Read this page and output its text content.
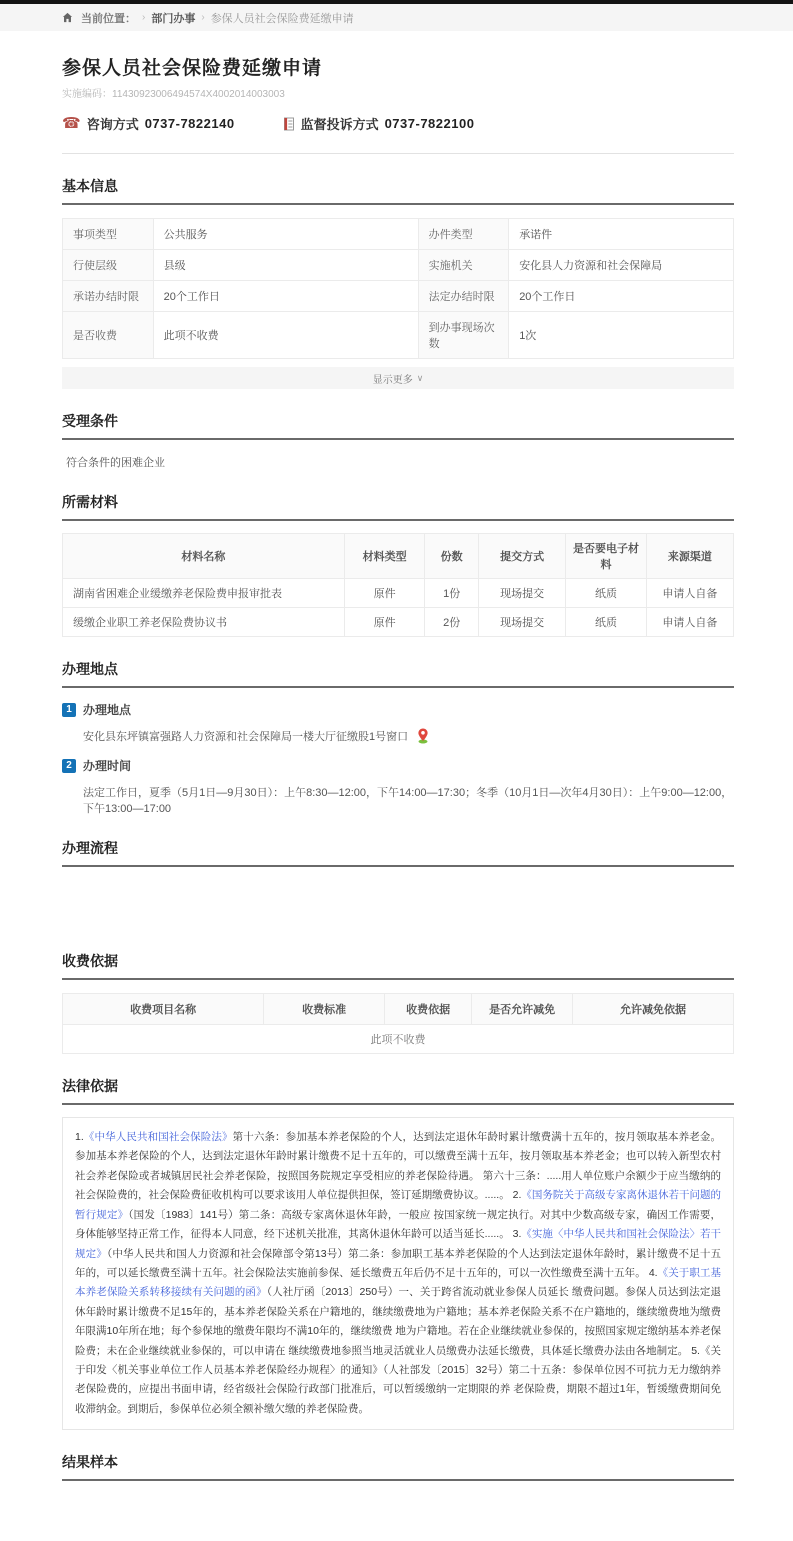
当前位置： › 部门办事 › 参保人员社会保险费延缴申请
参保人员社会保险费延缴申请
实施编码：11430923006494574X4002014003003
☎ 咨询方式 0737-7822140	监督投诉方式 0737-7822100
基本信息
事项类型	公共服务	办件类型	承诺件
行使层级	县级	实施机关	安化县人力资源和社会保障局
承诺办结时限	20个工作日	法定办结时限	20个工作日
是否收费	此项不收费	到办事现场次数	1次
显示更多 ∨
受理条件
符合条件的困难企业
所需材料
材料名称	材料类型	份数	提交方式	是否要电子材料	来源渠道
湖南省困难企业缓缴养老保险费申报审批表	原件	1份	现场提交	纸质	申请人自备
缓缴企业职工养老保险费协议书	原件	2份	现场提交	纸质	申请人自备
办理地点
1 办理地点
安化县东坪镇富强路人力资源和社会保障局一楼大厅征缴股1号窗口
2 办理时间
法定工作日，夏季（5月1日—9月30日）：上午8:30—12:00，下午14:00—17:30；冬季（10月1日—次年4月30日）：上午9:00—12:00，下午13:00—17:00
办理流程
收费依据
收费项目名称	收费标准	收费依据	是否允许减免	允许减免依据
此项不收费
法律依据
1.《中华人民共和国社会保险法》第十六条：参加基本养老保险的个人，达到法定退休年龄时累计缴费满十五年的，按月领取基本养老金。参加基本养老保险的个人，达到法定退休年龄时累计缴费不足十五年的，可以缴费至满十五年，按月领取基本养老金；也可以转入新型农村社会养老保险或者城镇居民社会养老保险，按照国务院规定享受相应的养老保险待遇。 第六十三条：.....用人单位账户余额少于应当缴纳的社会保险费的，社会保险费征收机构可以要求该用人单位提供担保，签订延期缴费协议。.....。 2.《国务院关于高级专家离休退休若干问题的暂行规定》（国发〔1983〕141号）第二条：高级专家离休退休年龄，一般应 按国家统一规定执行。对其中少数高级专家，确因工作需要，身体能够坚持正常工作，征得本人同意，经下述机关批准，其离休退休年龄可以适当延长.....。 3.《实施〈中华人民共和国社会保险法〉若干规定》（中华人民共和国人力资源和社会保障部令第13号）第二条：参加职工基本养老保险的个人达到法定退休年龄时，累计缴费不足十五年的，可以延长缴费至满十五年。社会保险法实施前参保、延长缴费五年后仍不足十五年的，可以一次性缴费至满十五年。 4.《关于职工基本养老保险关系转移接续有关问题的函》（人社厅函〔2013〕250号）一、关于跨省流动就业参保人员延长 缴费问题。参保人员达到法定退休年龄时累计缴费不足15年的，基本养老保险关系在户籍地的，继续缴费地为户籍地；基本养老保险关系不在户籍地的，继续缴费地为缴费年限满10年所在地；每个参保地的缴费年限均不满10年的，继续缴费 地为户籍地。若在企业继续就业参保的，按照国家规定缴纳基本养老保险费；未在企业继续就业参保的，可以申请在 继续缴费地参照当地灵活就业人员缴费办法延长缴费，具体延长缴费办法由各地制定。 5.《关于印发〈机关事业单位工作人员基本养老保险经办规程〉的通知》（人社部发〔2015〕32号）第二十五条：参保单位因不可抗力无力缴纳养老保险费的，应提出书面申请，经省级社会保险行政部门批准后，可以暂缓缴纳一定期限的养 老保险费，期限不超过1年，暂缓缴费期间免收滞纳金。到期后，参保单位必须全额补缴欠缴的养老保险费。
结果样本
